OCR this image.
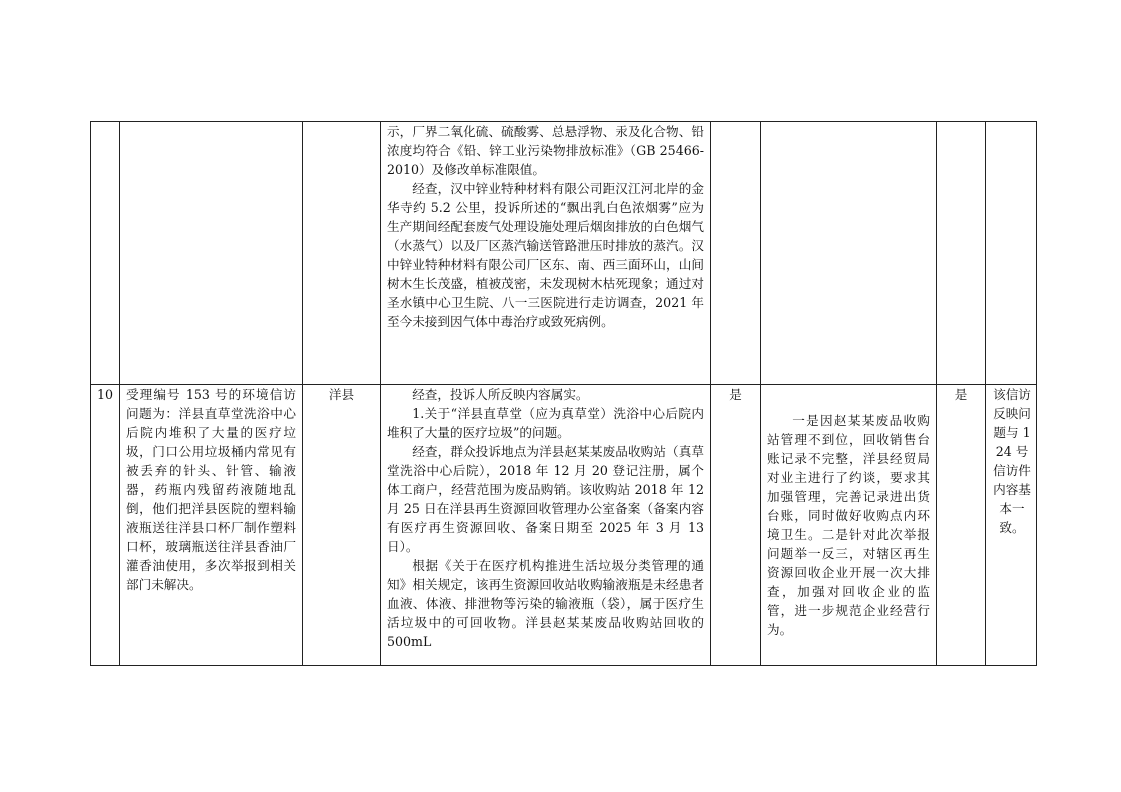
			示，厂界二氧化硫、硫酸雾、总悬浮物、汞及化合物、铅浓度均符合《铅、锌工业污染物排放标准》（GB 25466-2010）及修改单标准限值。

经查，汉中锌业特种材料有限公司距汉江河北岸的金华寺约 5.2 公里，投诉所述的“飘出乳白色浓烟雾”应为生产期间经配套废气处理设施处理后烟囱排放的白色烟气（水蒸气）以及厂区蒸汽输送管路泄压时排放的蒸汽。汉中锌业特种材料有限公司厂区东、南、西三面环山，山间树木生长茂盛，植被茂密，未发现树木枯死现象；通过对圣水镇中心卫生院、八一三医院进行走访调查，2021 年至今未接到因气体中毒治疗或致死病例。				

10	受理编号 153 号的环境信访问题为：洋县直草堂洗浴中心后院内堆积了大量的医疗垃圾，门口公用垃圾桶内常见有被丢弃的针头、针管、输液器，药瓶内残留药液随地乱倒，他们把洋县医院的塑料输液瓶送往洋县口杯厂制作塑料口杯，玻璃瓶送往洋县香油厂灌香油使用，多次举报到相关部门未解决。	洋县	经查，投诉人所反映内容属实。

1.关于“洋县直草堂（应为真草堂）洗浴中心后院内堆积了大量的医疗垃圾”的问题。

经查，群众投诉地点为洋县赵某某废品收购站（真草堂洗浴中心后院），2018 年 12 月 20 登记注册，属个体工商户，经营范围为废品购销。该收购站 2018 年 12 月 25 日在洋县再生资源回收管理办公室备案（备案内容有医疗再生资源回收、备案日期至 2025 年 3 月 13 日）。

根据《关于在医疗机构推进生活垃圾分类管理的通知》相关规定，该再生资源回收站收购输液瓶是未经患者血液、体液、排泄物等污染的输液瓶（袋），属于医疗生活垃圾中的可回收物。洋县赵某某废品收购站回收的 500mL	是	一是因赵某某废品收购站管理不到位，回收销售台账记录不完整，洋县经贸局对业主进行了约谈，要求其加强管理，完善记录进出货台账，同时做好收购点内环境卫生。二是针对此次举报问题举一反三，对辖区再生资源回收企业开展一次大排查，加强对回收企业的监管，进一步规范企业经营行为。	是	该信访反映问题与 124 号信访件内容基本一致。
